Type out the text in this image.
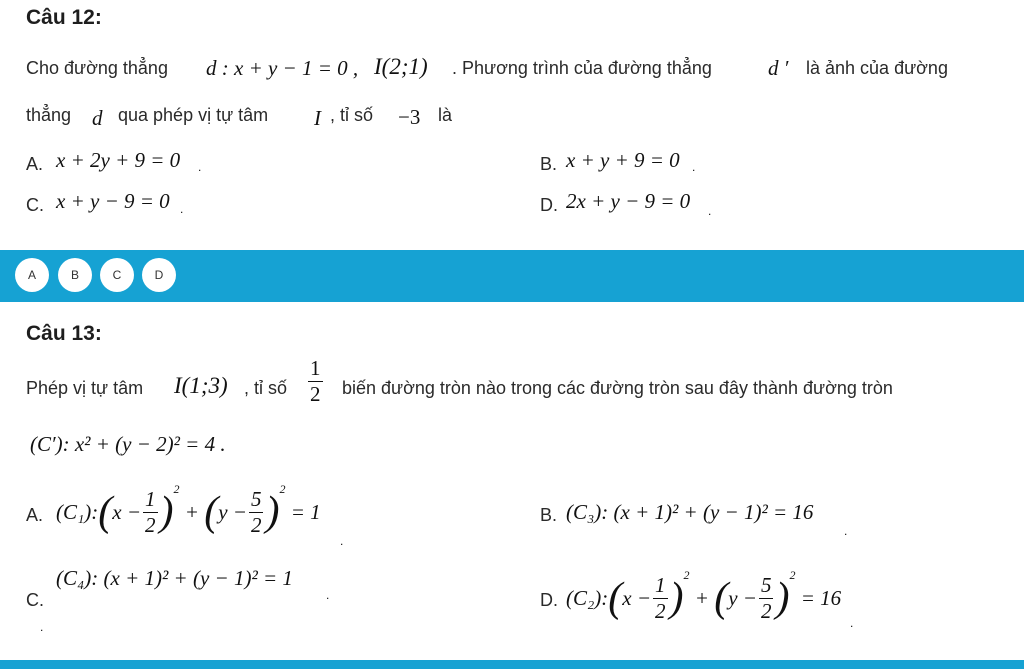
Câu 12:
Cho đường thẳng d : x + y − 1 = 0 , I(2;1) . Phương trình của đường thẳng	d ′ là ảnh của đường
thẳng d qua phép vị tự tâm I , tỉ số −3 là
A. x + 2y + 9 = 0 .	B. x + y + 9 = 0 .
C. x + y − 9 = 0 .	D. 2x + y − 9 = 0 .
A	B	C	D
Câu 13:
Phép vị tự tâm I(1;3) , tỉ số $\frac{1}{2}$ biến đường tròn nào trong các đường tròn sau đây thành đường tròn
(C′): x² + (y − 2)² = 4 .
A. (C₁): ( $x - \frac{1}{2} )^2$
+ ( $y - \frac{5}{2} )^2$

= 1
.
B. (C₃): (x + 1)² + (y − 1)² = 16
.
C.
(C₄): (x + 1)² + (y − 1)² = 1
.
.
D. (C₂): ( $x - \frac{1}{2} )^2$
+ ( $y - \frac{5}{2} )^2$

= 16
.
